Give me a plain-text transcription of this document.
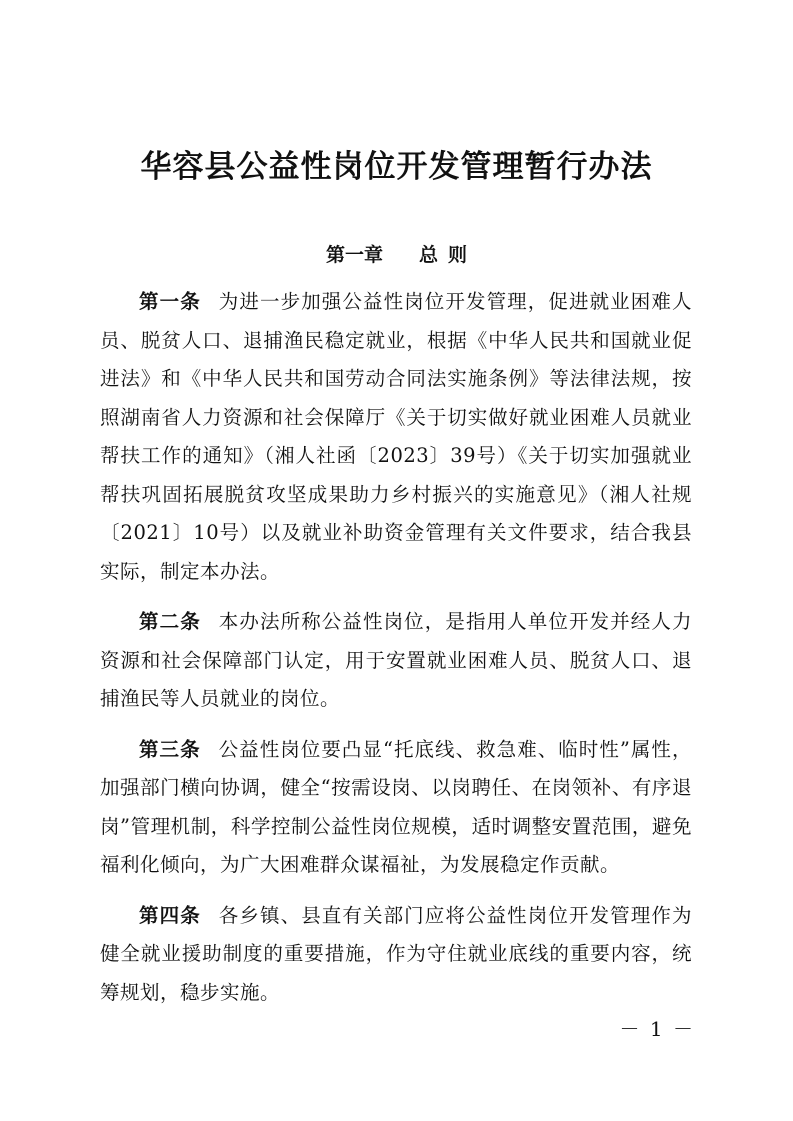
华容县公益性岗位开发管理暂行办法
第一章 总 则

第一条 为进一步加强公益性岗位开发管理，促进就业困难人员、脱贫人口、退捕渔民稳定就业，根据《中华人民共和国就业促进法》和《中华人民共和国劳动合同法实施条例》等法律法规，按照湖南省人力资源和社会保障厅《关于切实做好就业困难人员就业帮扶工作的通知》（湘人社函〔2023〕39号）《关于切实加强就业帮扶巩固拓展脱贫攻坚成果助力乡村振兴的实施意见》（湘人社规〔2021〕10号）以及就业补助资金管理有关文件要求，结合我县实际，制定本办法。

第二条 本办法所称公益性岗位，是指用人单位开发并经人力资源和社会保障部门认定，用于安置就业困难人员、脱贫人口、退捕渔民等人员就业的岗位。

第三条 公益性岗位要凸显“托底线、救急难、临时性”属性，加强部门横向协调，健全“按需设岗、以岗聘任、在岗领补、有序退岗”管理机制，科学控制公益性岗位规模，适时调整安置范围，避免福利化倾向，为广大困难群众谋福祉，为发展稳定作贡献。

第四条 各乡镇、县直有关部门应将公益性岗位开发管理作为健全就业援助制度的重要措施，作为守住就业底线的重要内容，统筹规划，稳步实施。

－ 1 －
